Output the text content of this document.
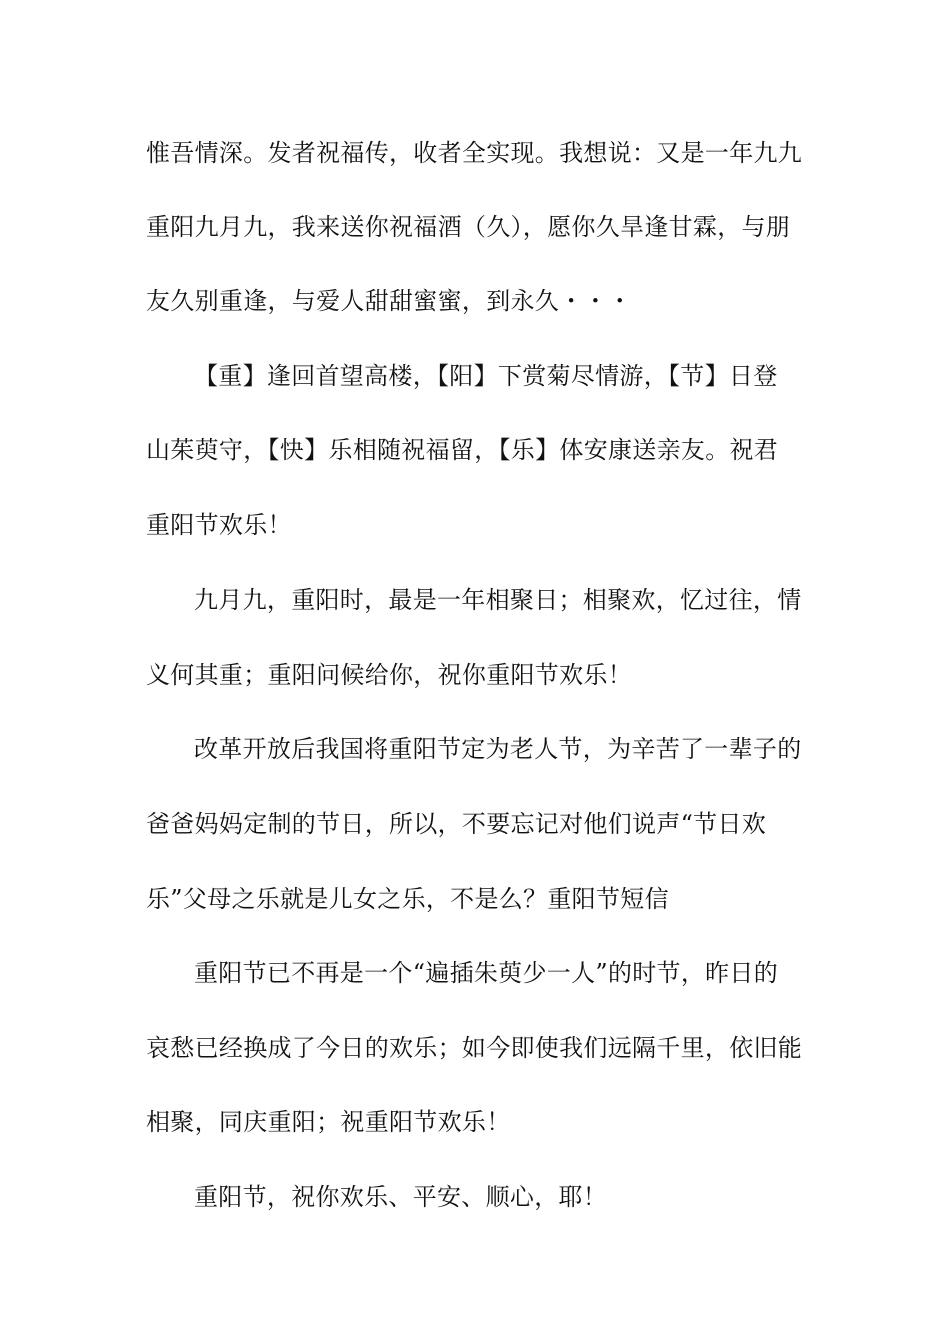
惟吾情深。发者祝福传，收者全实现。我想说：又是一年九九
重阳九月九，我来送你祝福酒（久），愿你久旱逢甘霖，与朋
友久别重逢，与爱人甜甜蜜蜜，到永久・・・
【重】逢回首望高楼，【阳】下赏菊尽情游，【节】日登
山茱萸守，【快】乐相随祝福留，【乐】体安康送亲友。祝君
重阳节欢乐！
九月九，重阳时，最是一年相聚日；相聚欢，忆过往，情
义何其重；重阳问候给你，祝你重阳节欢乐！
改革开放后我国将重阳节定为老人节，为辛苦了一辈子的
爸爸妈妈定制的节日，所以，不要忘记对他们说声“节日欢
乐”父母之乐就是儿女之乐，不是么？重阳节短信
重阳节已不再是一个“遍插朱萸少一人”的时节，昨日的
哀愁已经换成了今日的欢乐；如今即使我们远隔千里，依旧能
相聚，同庆重阳；祝重阳节欢乐！
重阳节，祝你欢乐、平安、顺心，耶！
